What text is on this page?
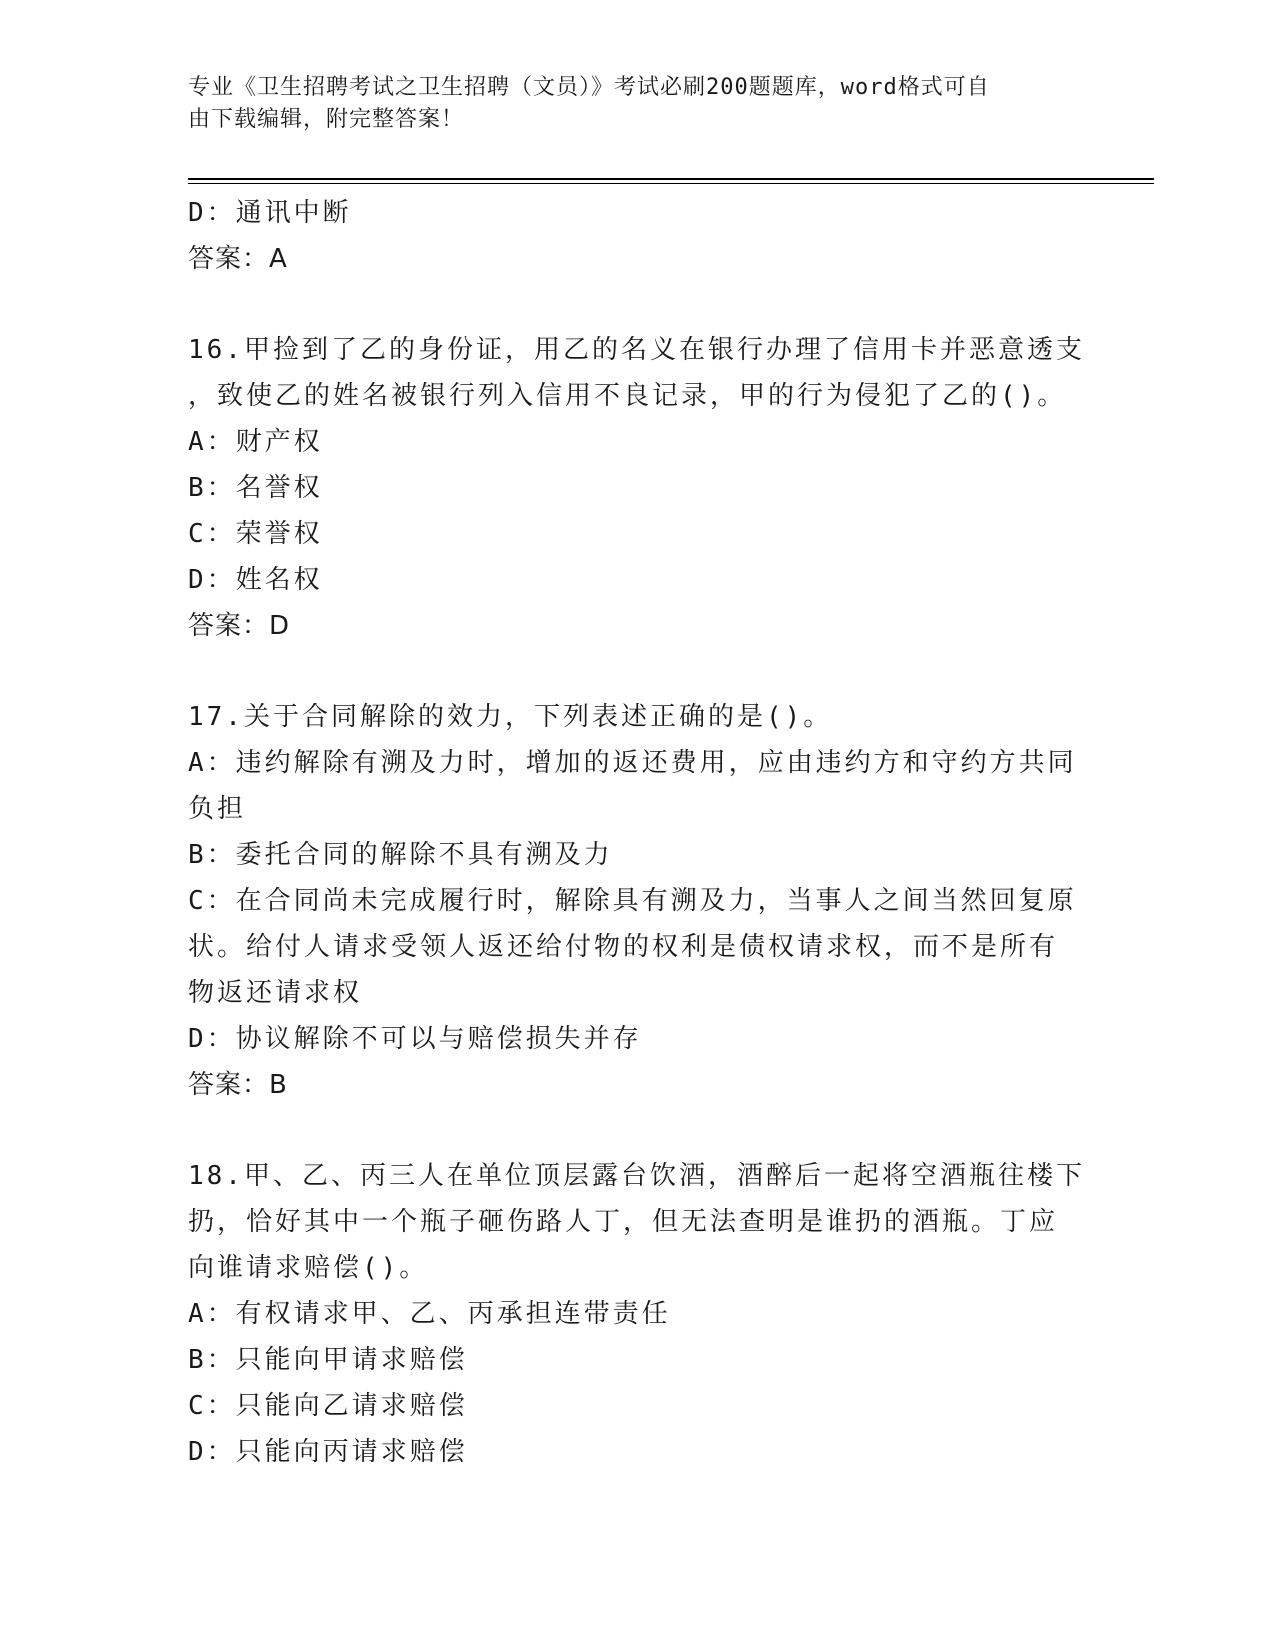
专业《卫生招聘考试之卫生招聘（文员）》考试必刷200题题库，word格式可自
由下载编辑，附完整答案！

D：通讯中断

答案：A

16.甲捡到了乙的身份证，用乙的名义在银行办理了信用卡并恶意透支

，致使乙的姓名被银行列入信用不良记录，甲的行为侵犯了乙的()。

A：财产权

B：名誉权

C：荣誉权

D：姓名权

答案：D

17.关于合同解除的效力，下列表述正确的是()。

A：违约解除有溯及力时，增加的返还费用，应由违约方和守约方共同

负担

B：委托合同的解除不具有溯及力

C：在合同尚未完成履行时，解除具有溯及力，当事人之间当然回复原

状。给付人请求受领人返还给付物的权利是债权请求权，而不是所有

物返还请求权

D：协议解除不可以与赔偿损失并存

答案：B

18.甲、乙、丙三人在单位顶层露台饮酒，酒醉后一起将空酒瓶往楼下

扔，恰好其中一个瓶子砸伤路人丁，但无法查明是谁扔的酒瓶。丁应

向谁请求赔偿()。

A：有权请求甲、乙、丙承担连带责任

B：只能向甲请求赔偿

C：只能向乙请求赔偿

D：只能向丙请求赔偿
